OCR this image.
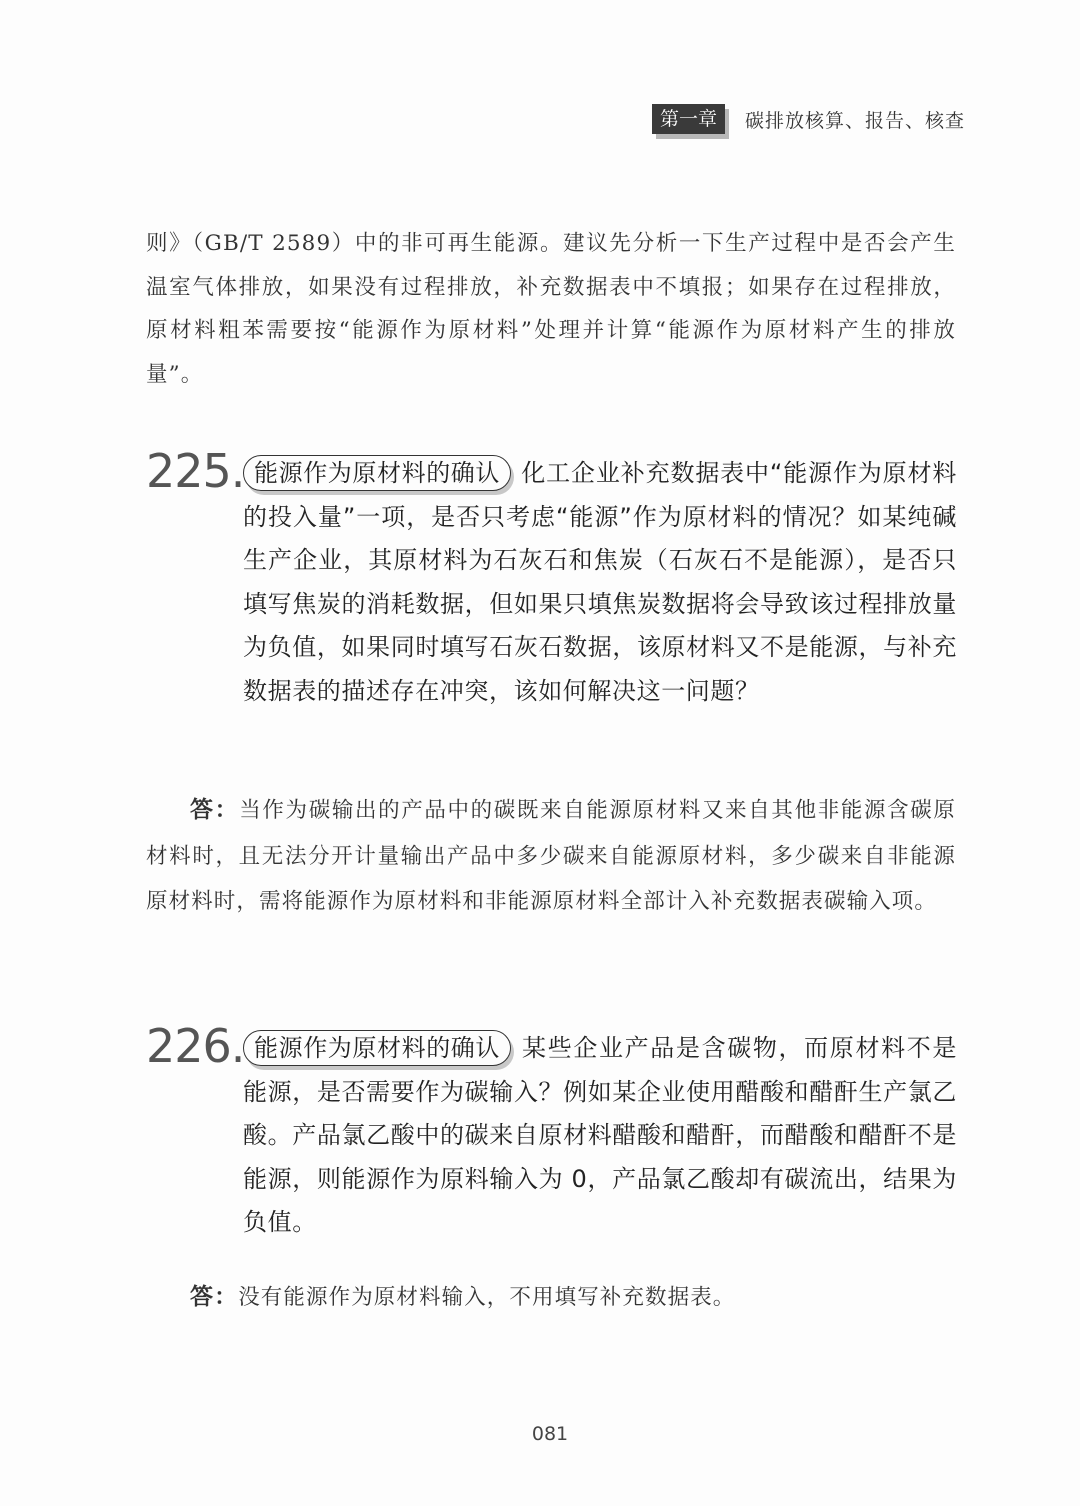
第一章	碳排放核算、报告、核查

则》（GB/T 2589）中的非可再生能源。建议先分析一下生产过程中是否会产生温室气体排放，如果没有过程排放，补充数据表中不填报；如果存在过程排放，原材料粗苯需要按“能源作为原材料”处理并计算“能源作为原材料产生的排放量”。

225. 能源作为原材料的确认 化工企业补充数据表中“能源作为原材料的投入量”一项，是否只考虑“能源”作为原材料的情况？如某纯碱生产企业，其原材料为石灰石和焦炭（石灰石不是能源），是否只填写焦炭的消耗数据，但如果只填焦炭数据将会导致该过程排放量为负值，如果同时填写石灰石数据，该原材料又不是能源，与补充数据表的描述存在冲突，该如何解决这一问题？

答：当作为碳输出的产品中的碳既来自能源原材料又来自其他非能源含碳原材料时，且无法分开计量输出产品中多少碳来自能源原材料，多少碳来自非能源原材料时，需将能源作为原材料和非能源原材料全部计入补充数据表碳输入项。

226. 能源作为原材料的确认 某些企业产品是含碳物，而原材料不是能源，是否需要作为碳输入？例如某企业使用醋酸和醋酐生产氯乙酸。产品氯乙酸中的碳来自原材料醋酸和醋酐，而醋酸和醋酐不是能源，则能源作为原料输入为 0，产品氯乙酸却有碳流出，结果为负值。

答：没有能源作为原材料输入，不用填写补充数据表。

081
